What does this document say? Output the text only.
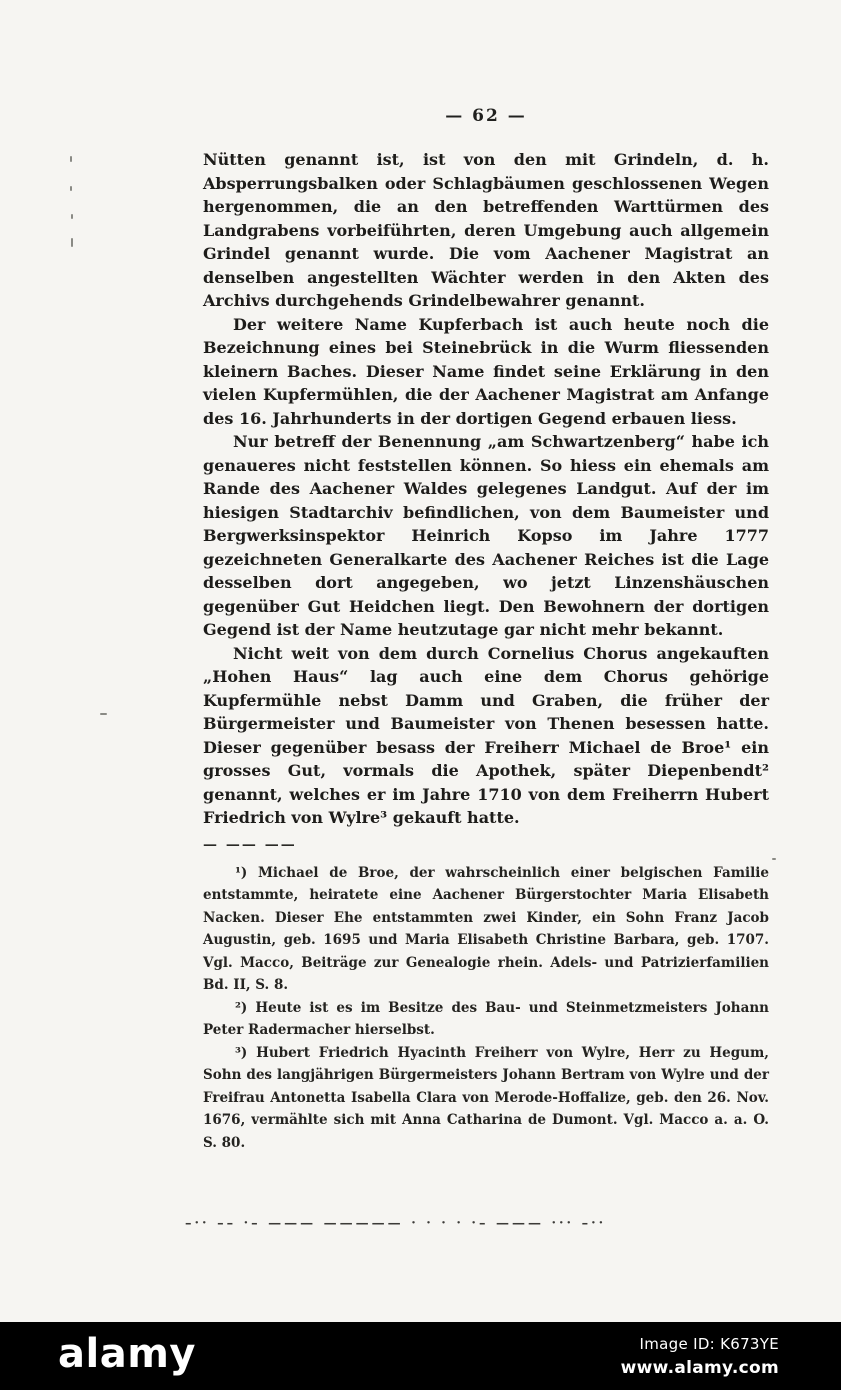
— 62 —

Nütten genannt ist, ist von den mit Grindeln, d. h. Absperrungsbalken oder Schlagbäumen geschlossenen Wegen hergenommen, die an den betreffenden Warttürmen des Landgrabens vorbeiführten, deren Umgebung auch allgemein Grindel genannt wurde. Die vom Aachener Magistrat an denselben angestellten Wächter werden in den Akten des Archivs durchgehends Grindelbewahrer genannt.

Der weitere Name Kupferbach ist auch heute noch die Bezeichnung eines bei Steinebrück in die Wurm fliessenden kleinern Baches. Dieser Name findet seine Erklärung in den vielen Kupfermühlen, die der Aachener Magistrat am Anfange des 16. Jahrhunderts in der dortigen Gegend erbauen liess.

Nur betreff der Benennung „am Schwartzenberg“ habe ich genaueres nicht feststellen können. So hiess ein ehemals am Rande des Aachener Waldes gelegenes Landgut. Auf der im hiesigen Stadtarchiv befindlichen, von dem Baumeister und Bergwerksinspektor Heinrich Kopso im Jahre 1777 gezeichneten Generalkarte des Aachener Reiches ist die Lage desselben dort angegeben, wo jetzt Linzenshäuschen gegenüber Gut Heidchen liegt. Den Bewohnern der dortigen Gegend ist der Name heutzutage gar nicht mehr bekannt.

Nicht weit von dem durch Cornelius Chorus angekauften „Hohen Haus“ lag auch eine dem Chorus gehörige Kupfermühle nebst Damm und Graben, die früher der Bürgermeister und Baumeister von Thenen besessen hatte. Dieser gegenüber besass der Freiherr Michael de Broe¹ ein grosses Gut, vormals die Apothek, später Diepenbendt² genannt, welches er im Jahre 1710 von dem Freiherrn Hubert Friedrich von Wylre³ gekauft hatte.

— —— ——

¹) Michael de Broe, der wahrscheinlich einer belgischen Familie entstammte, heiratete eine Aachener Bürgerstochter Maria Elisabeth Nacken. Dieser Ehe entstammten zwei Kinder, ein Sohn Franz Jacob Augustin, geb. 1695 und Maria Elisabeth Christine Barbara, geb. 1707. Vgl. Macco, Beiträge zur Genealogie rhein. Adels- und Patrizierfamilien Bd. II, S. 8.

²) Heute ist es im Besitze des Bau- und Steinmetzmeisters Johann Peter Radermacher hierselbst.

³) Hubert Friedrich Hyacinth Freiherr von Wylre, Herr zu Hegum, Sohn des langjährigen Bürgermeisters Johann Bertram von Wylre und der Freifrau Antonetta Isabella Clara von Merode-Hoffalize, geb. den 26. Nov. 1676, vermählte sich mit Anna Catharina de Dumont. Vgl. Macco a. a. O. S. 80.

–·· –– ·– ——— ————— · · · · ·– ——— ··· –··
alamy	Image ID: K673YE
www.alamy.com
